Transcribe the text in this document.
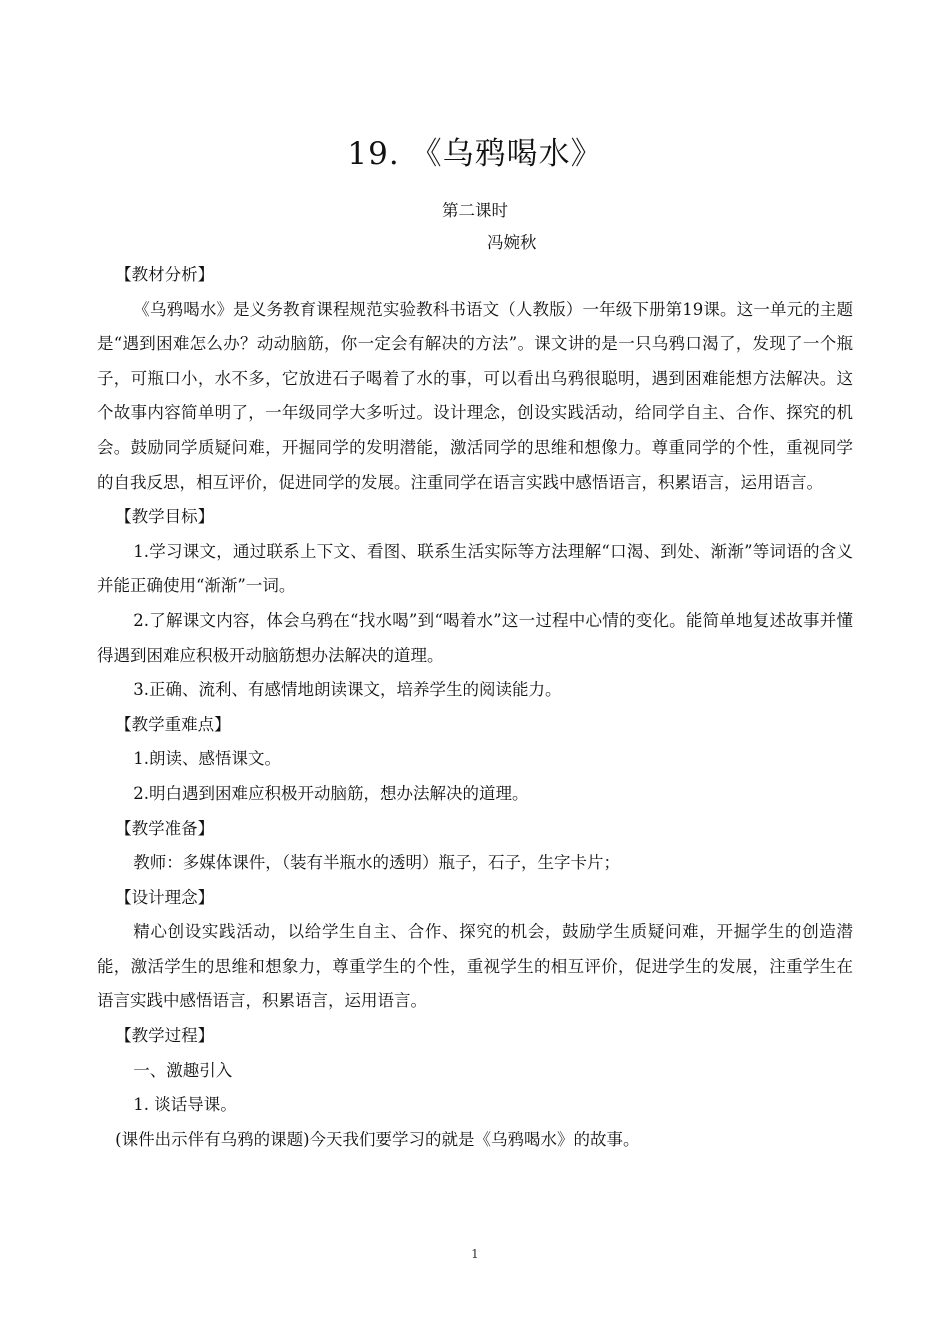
19. 《乌鸦喝水》
第二课时
冯婉秋

【教材分析】

《乌鸦喝水》是义务教育课程规范实验教科书语文（人教版）一年级下册第19课。这一单元的主题是“遇到困难怎么办？动动脑筋，你一定会有解决的方法”。课文讲的是一只乌鸦口渴了，发现了一个瓶子，可瓶口小，水不多，它放进石子喝着了水的事，可以看出乌鸦很聪明，遇到困难能想方法解决。这个故事内容简单明了，一年级同学大多听过。设计理念，创设实践活动，给同学自主、合作、探究的机会。鼓励同学质疑问难，开掘同学的发明潜能，激活同学的思维和想像力。尊重同学的个性，重视同学的自我反思，相互评价，促进同学的发展。注重同学在语言实践中感悟语言，积累语言，运用语言。

【教学目标】

1.学习课文，通过联系上下文、看图、联系生活实际等方法理解“口渴、到处、渐渐”等词语的含义并能正确使用“渐渐”一词。

2.了解课文内容，体会乌鸦在“找水喝”到“喝着水”这一过程中心情的变化。能简单地复述故事并懂得遇到困难应积极开动脑筋想办法解决的道理。

3.正确、流利、有感情地朗读课文，培养学生的阅读能力。

【教学重难点】

1.朗读、感悟课文。

2.明白遇到困难应积极开动脑筋，想办法解决的道理。

【教学准备】

教师：多媒体课件，（装有半瓶水的透明）瓶子，石子，生字卡片；

【设计理念】

精心创设实践活动，以给学生自主、合作、探究的机会，鼓励学生质疑问难，开掘学生的创造潜能，激活学生的思维和想象力，尊重学生的个性，重视学生的相互评价，促进学生的发展，注重学生在语言实践中感悟语言，积累语言，运用语言。

【教学过程】

一、激趣引入

1. 谈话导课。

(课件出示伴有乌鸦的课题)今天我们要学习的就是《乌鸦喝水》的故事。

1
